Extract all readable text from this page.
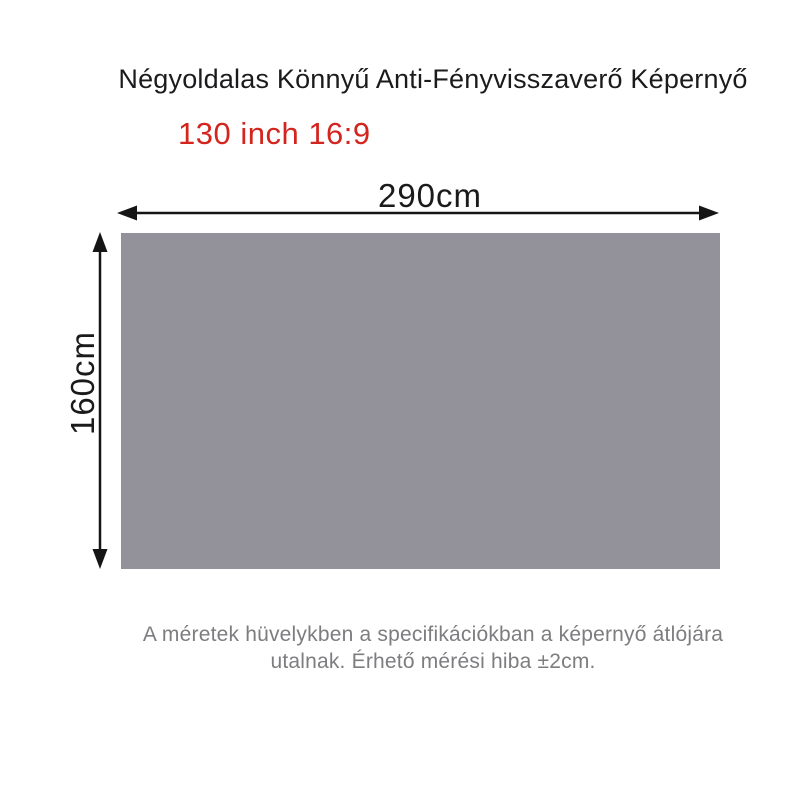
Négyoldalas Könnyű Anti-Fényvisszaverő Képernyő
130 inch 16:9
290cm
160cm
A méretek hüvelykben a specifikációkban a képernyő átlójára
utalnak. Érhető mérési hiba ±2cm.
